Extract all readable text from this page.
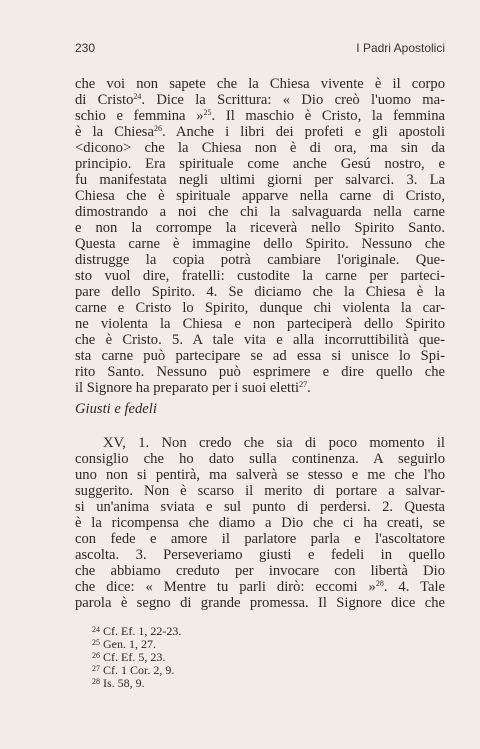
230	I Padri Apostolici
che voi non sapete che la Chiesa vivente è il corpo
di Cristo$^{24}$. Dice la Scrittura: « Dio creò l'uomo ma-
schio e femmina »$^{25}$. Il maschio è Cristo, la femmina
è la Chiesa$^{26}$. Anche i libri dei profeti e gli apostoli
<dicono> che la Chiesa non è di ora, ma sin da
principio. Era spirituale come anche Gesú nostro, e
fu manifestata negli ultimi giorni per salvarci. 3. La
Chiesa che è spirituale apparve nella carne di Cristo,
dimostrando a noi che chi la salvaguarda nella carne
e non la corrompe la riceverà nello Spirito Santo.
Questa carne è immagine dello Spirito. Nessuno che
distrugge la copia potrà cambiare l'originale. Que-
sto vuol dire, fratelli: custodite la carne per parteci-
pare dello Spirito. 4. Se diciamo che la Chiesa è la
carne e Cristo lo Spirito, dunque chi violenta la car-
ne violenta la Chiesa e non parteciperà dello Spirito
che è Cristo. 5. A tale vita e alla incorruttibilità que-
sta carne può partecipare se ad essa si unisce lo Spi-
rito Santo. Nessuno può esprimere e dire quello che
il Signore ha preparato per i suoi eletti$^{27}$.
Giusti e fedeli
XV, 1. Non credo che sia di poco momento il
consiglio che ho dato sulla continenza. A seguirlo
uno non si pentirà, ma salverà se stesso e me che l'ho
suggerito. Non è scarso il merito di portare a salvar-
si un'anima sviata e sul punto di perdersi. 2. Questa
è la ricompensa che diamo a Dio che ci ha creati, se
con fede e amore il parlatore parla e l'ascoltatore
ascolta. 3. Perseveriamo giusti e fedeli in quello
che abbiamo creduto per invocare con libertà Dio
che dice: « Mentre tu parli dirò: eccomi »$^{28}$. 4. Tale
parola è segno di grande promessa. Il Signore dice che
$^{24}$ Cf. Ef. 1, 22-23.
$^{25}$ Gen. 1, 27.
$^{26}$ Cf. Ef. 5, 23.
$^{27}$ Cf. 1 Cor. 2, 9.
$^{28}$ Is. 58, 9.
